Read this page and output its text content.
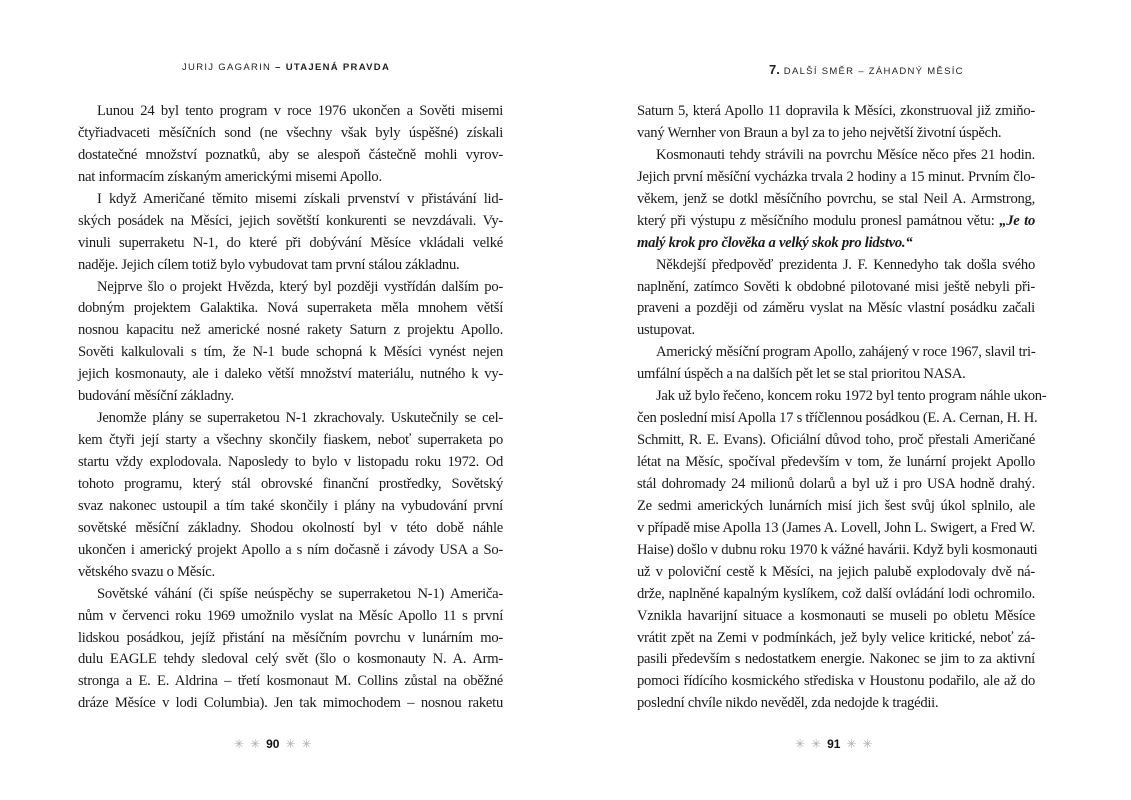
JURIJ GAGARIN – UTAJENÁ PRAVDA
Lunou 24 byl tento program v roce 1976 ukončen a Sověti misemi
čtyřiadvaceti měsíčních sond (ne všechny však byly úspěšné) získali
dostatečné množství poznatků, aby se alespoň částečně mohli vyrov-
nat informacím získaným americkými misemi Apollo.
I když Američané těmito misemi získali prvenství v přistávání lid-
ských posádek na Měsíci, jejich sovětští konkurenti se nevzdávali. Vy-
vinuli superraketu N-1, do které při dobývání Měsíce vkládali velké
naděje. Jejich cílem totiž bylo vybudovat tam první stálou základnu.
Nejprve šlo o projekt Hvězda, který byl později vystřídán dalším po-
dobným projektem Galaktika. Nová superraketa měla mnohem větší
nosnou kapacitu než americké nosné rakety Saturn z projektu Apollo.
Sověti kalkulovali s tím, že N-1 bude schopná k Měsíci vynést nejen
jejich kosmonauty, ale i daleko větší množství materiálu, nutného k vy-
budování měsíční základny.
Jenomže plány se superraketou N-1 zkrachovaly. Uskutečnily se cel-
kem čtyři její starty a všechny skončily fiaskem, neboť superraketa po
startu vždy explodovala. Naposledy to bylo v listopadu roku 1972. Od
tohoto programu, který stál obrovské finanční prostředky, Sovětský
svaz nakonec ustoupil a tím také skončily i plány na vybudování první
sovětské měsíční základny. Shodou okolností byl v této době náhle
ukončen i americký projekt Apollo a s ním dočasně i závody USA a So-
větského svazu o Měsíc.
Sovětské váhání (či spíše neúspěchy se superraketou N-1) Američa-
nům v červenci roku 1969 umožnilo vyslat na Měsíc Apollo 11 s první
lidskou posádkou, jejíž přistání na měsíčním povrchu v lunárním mo-
dulu EAGLE tehdy sledoval celý svět (šlo o kosmonauty N. A. Arm-
stronga a E. E. Aldrina – třetí kosmonaut M. Collins zůstal na oběžné
dráze Měsíce v lodi Columbia). Jen tak mimochodem – nosnou raketu
✳ ✳ 90 ✳ ✳
7. DALŠÍ SMĚR – ZÁHADNÝ MĚSÍC
Saturn 5, která Apollo 11 dopravila k Měsíci, zkonstruoval již zmiňo-
vaný Wernher von Braun a byl za to jeho největší životní úspěch.
Kosmonauti tehdy strávili na povrchu Měsíce něco přes 21 hodin.
Jejich první měsíční vycházka trvala 2 hodiny a 15 minut. Prvním člo-
věkem, jenž se dotkl měsíčního povrchu, se stal Neil A. Armstrong,
který při výstupu z měsíčního modulu pronesl památnou větu: „Je to
malý krok pro člověka a velký skok pro lidstvo.“
Někdejší předpověď prezidenta J. F. Kennedyho tak došla svého
naplnění, zatímco Sověti k obdobné pilotované misi ještě nebyli při-
praveni a později od záměru vyslat na Měsíc vlastní posádku začali
ustupovat.
Americký měsíční program Apollo, zahájený v roce 1967, slavil tri-
umfální úspěch a na dalších pět let se stal prioritou NASA.
Jak už bylo řečeno, koncem roku 1972 byl tento program náhle ukon-
čen poslední misí Apolla 17 s tříčlennou posádkou (E. A. Cernan, H. H.
Schmitt, R. E. Evans). Oficiální důvod toho, proč přestali Američané
létat na Měsíc, spočíval především v tom, že lunární projekt Apollo
stál dohromady 24 milionů dolarů a byl už i pro USA hodně drahý.
Ze sedmi amerických lunárních misí jich šest svůj úkol splnilo, ale
v případě mise Apolla 13 (James A. Lovell, John L. Swigert, a Fred W.
Haise) došlo v dubnu roku 1970 k vážné havárii. Když byli kosmonauti
už v poloviční cestě k Měsíci, na jejich palubě explodovaly dvě ná-
drže, naplněné kapalným kyslíkem, což další ovládání lodi ochromilo.
Vznikla havarijní situace a kosmonauti se museli po obletu Měsíce
vrátit zpět na Zemi v podmínkách, jež byly velice kritické, neboť zá-
pasili především s nedostatkem energie. Nakonec se jim to za aktivní
pomoci řídícího kosmického střediska v Houstonu podařilo, ale až do
poslední chvíle nikdo nevěděl, zda nedojde k tragédii.
✳ ✳ 91 ✳ ✳
